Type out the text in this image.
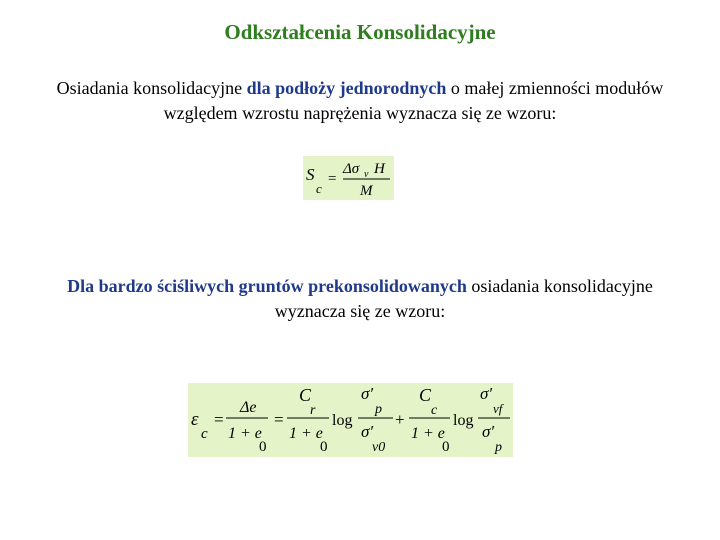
Odkształcenia Konsolidacyjne
Osiadania konsolidacyjne dla podłoży jednorodnych o małej zmienności modułów względem wzrostu naprężenia wyznacza się ze wzoru:
S
c
=
Δσ v H
M
Dla bardzo ściśliwych gruntów prekonsolidowanych osiadania konsolidacyjne wyznacza się ze wzoru:
ε
c
=
Δe
1 + e
0
=
C
r
1 + e
0
log
σ′
p
σ′
v0
+
C
c
1 + e
0
log
σ′
vf
σ′
p
